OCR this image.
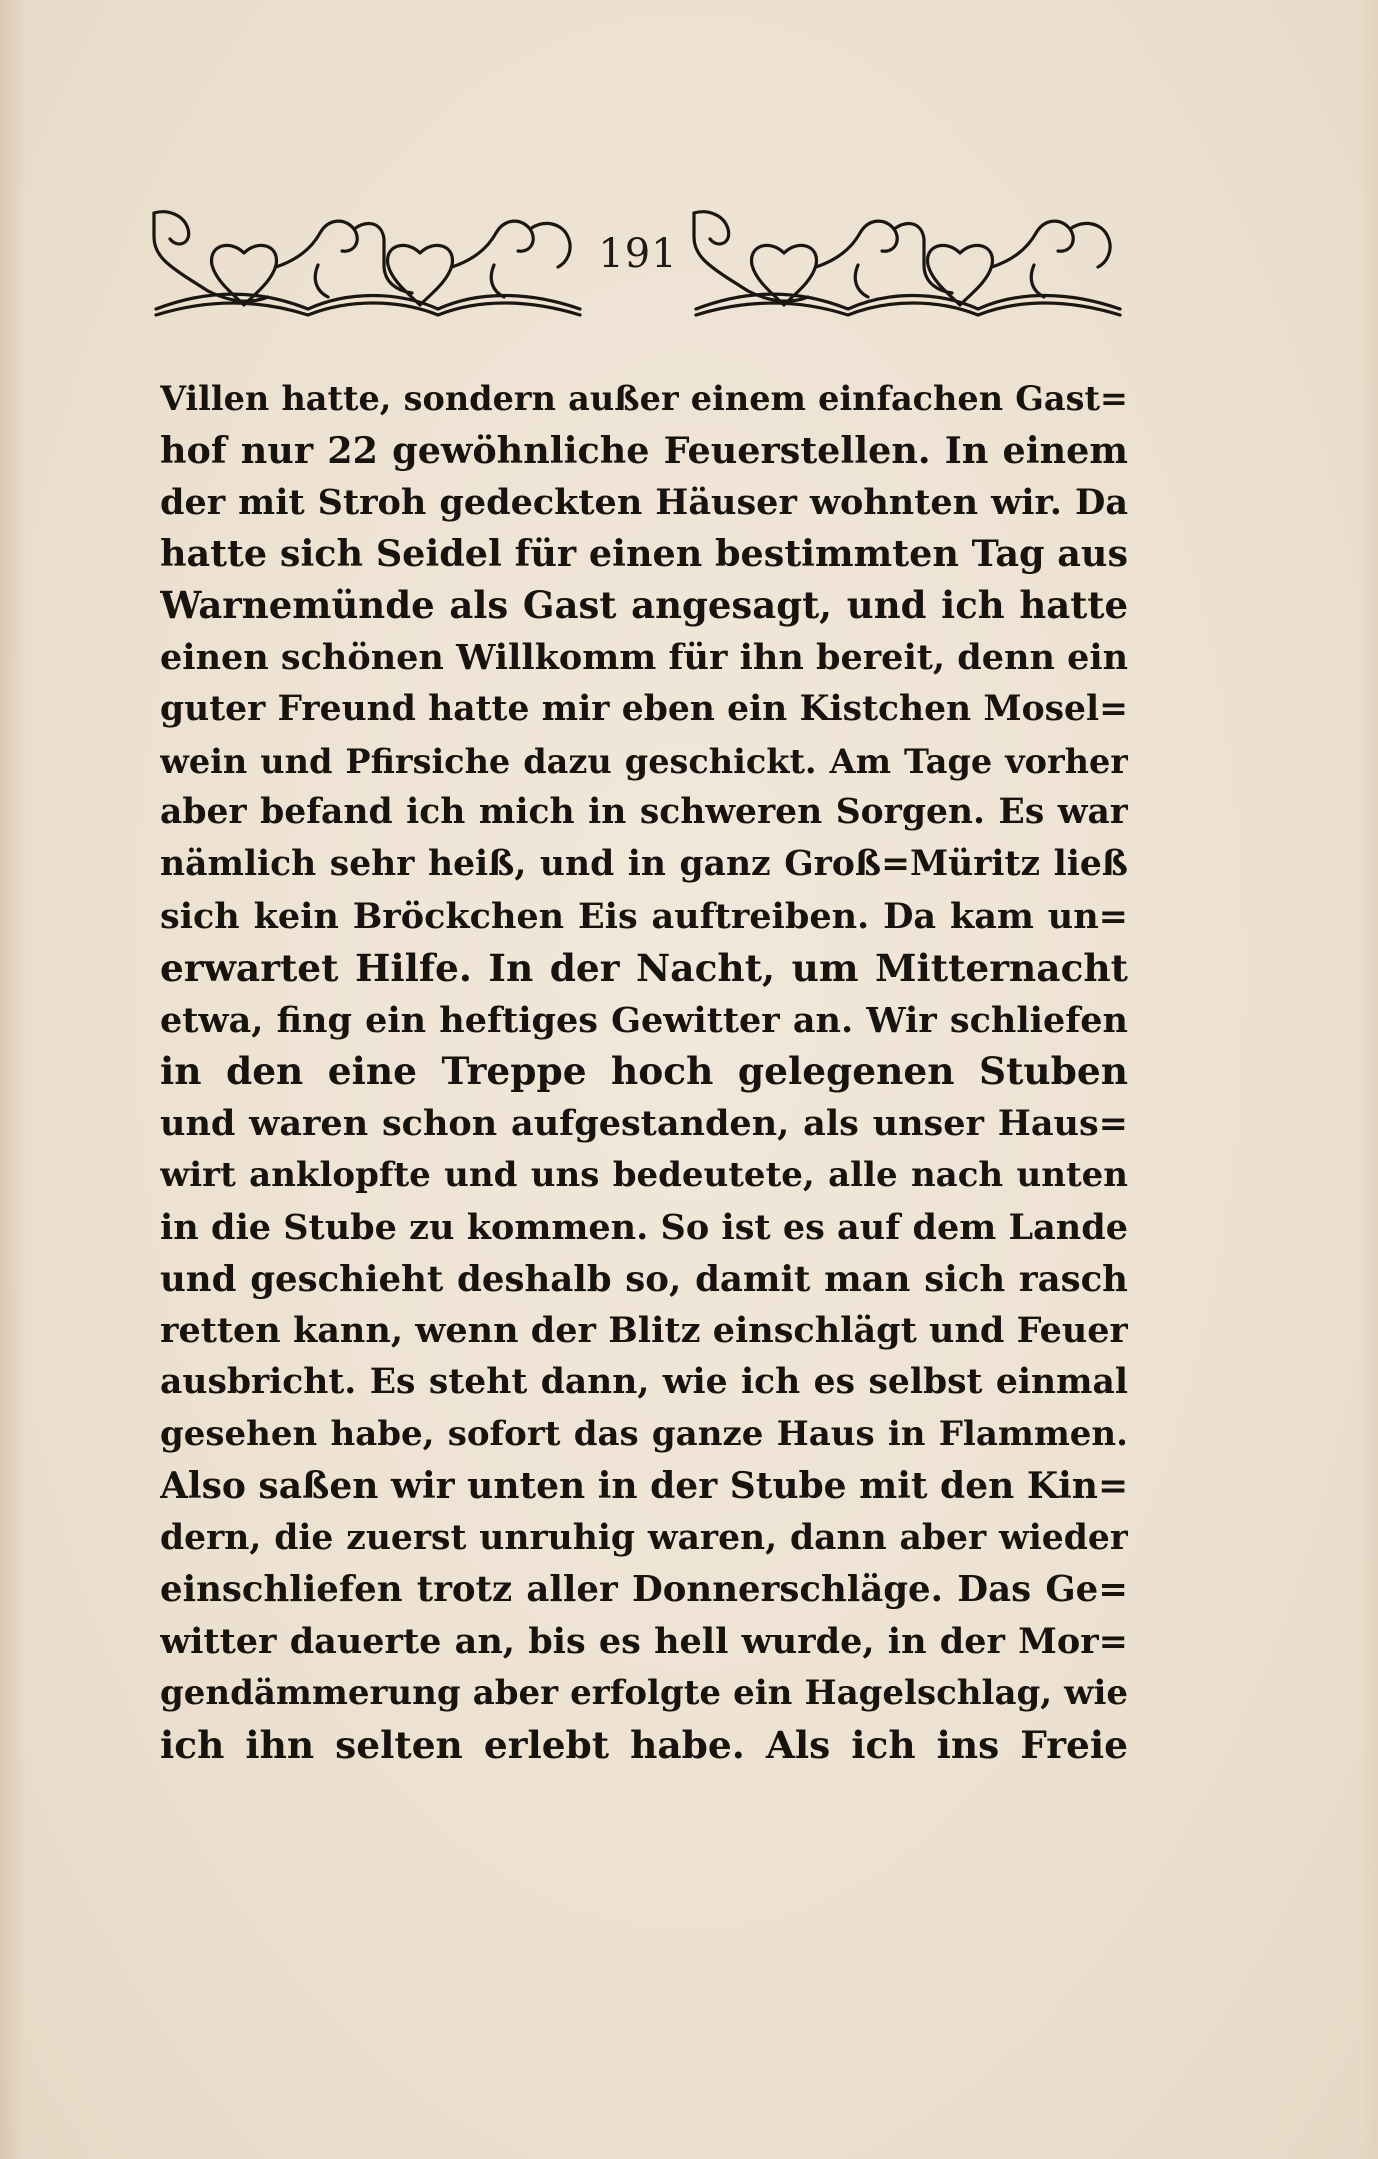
191
Villen hatte, sondern außer einem einfachen Gast=
hof nur 22 gewöhnliche Feuerstellen. In einem
der mit Stroh gedeckten Häuser wohnten wir. Da
hatte sich Seidel für einen bestimmten Tag aus
Warnemünde als Gast angesagt, und ich hatte
einen schönen Willkomm für ihn bereit, denn ein
guter Freund hatte mir eben ein Kistchen Mosel=
wein und Pfirsiche dazu geschickt. Am Tage vorher
aber befand ich mich in schweren Sorgen. Es war
nämlich sehr heiß, und in ganz Groß=Müritz ließ
sich kein Bröckchen Eis auftreiben. Da kam un=
erwartet Hilfe. In der Nacht, um Mitternacht
etwa, fing ein heftiges Gewitter an. Wir schliefen
in den eine Treppe hoch gelegenen Stuben
und waren schon aufgestanden, als unser Haus=
wirt anklopfte und uns bedeutete, alle nach unten
in die Stube zu kommen. So ist es auf dem Lande
und geschieht deshalb so, damit man sich rasch
retten kann, wenn der Blitz einschlägt und Feuer
ausbricht. Es steht dann, wie ich es selbst einmal
gesehen habe, sofort das ganze Haus in Flammen.
Also saßen wir unten in der Stube mit den Kin=
dern, die zuerst unruhig waren, dann aber wieder
einschliefen trotz aller Donnerschläge. Das Ge=
witter dauerte an, bis es hell wurde, in der Mor=
gendämmerung aber erfolgte ein Hagelschlag, wie
ich ihn selten erlebt habe. Als ich ins Freie
